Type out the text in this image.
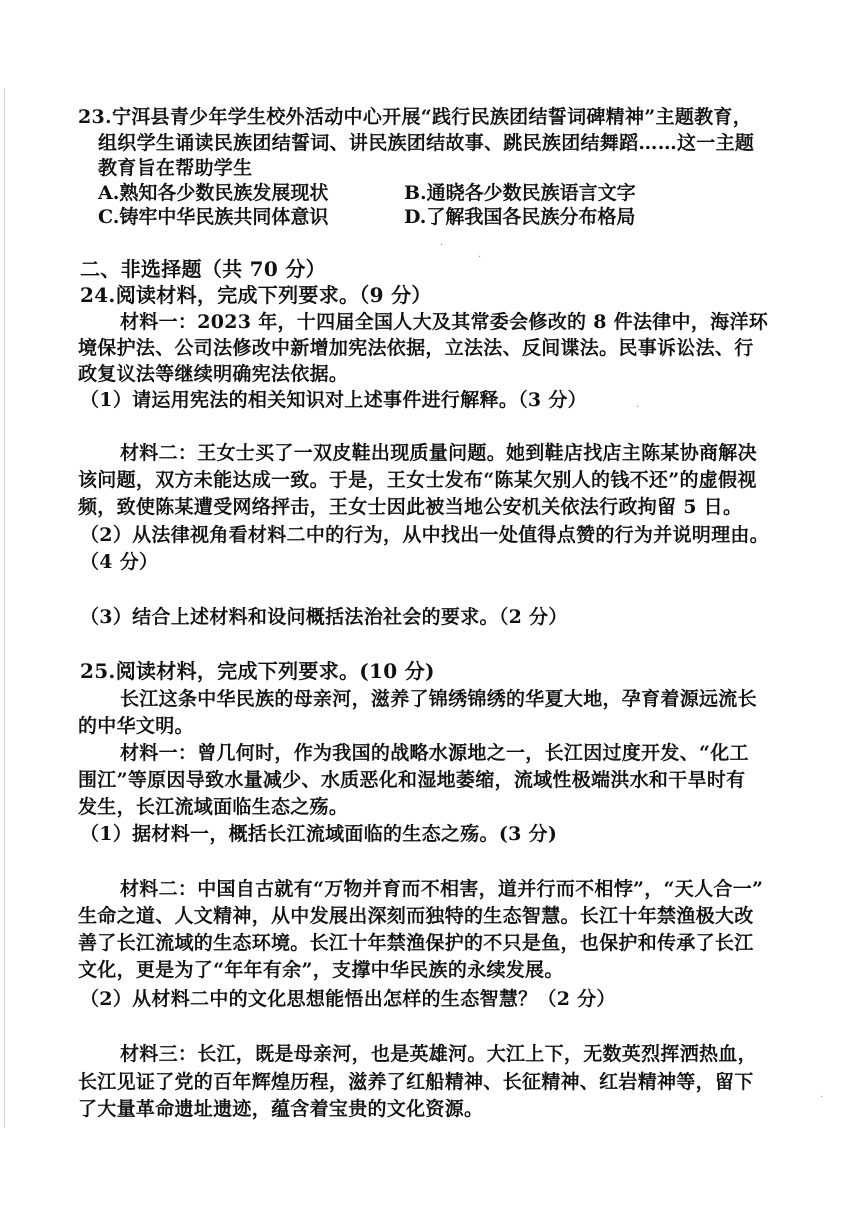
23.宁洱县青少年学生校外活动中心开展“践行民族团结誓词碑精神”主题教育，
组织学生诵读民族团结誓词、讲民族团结故事、跳民族团结舞蹈……这一主题
教育旨在帮助学生
A.熟知各少数民族发展现状	B.通晓各少数民族语言文字
C.铸牢中华民族共同体意识	D.了解我国各民族分布格局
二、非选择题（共 70 分）
24.阅读材料，完成下列要求。（9 分）
材料一：2023 年，十四届全国人大及其常委会修改的 8 件法律中，海洋环
境保护法、公司法修改中新增加宪法依据，立法法、反间谍法。民事诉讼法、行
政复议法等继续明确宪法依据。
（1）请运用宪法的相关知识对上述事件进行解释。（3 分）
材料二：王女士买了一双皮鞋出现质量问题。她到鞋店找店主陈某协商解决
该问题，双方未能达成一致。于是，王女士发布“陈某欠别人的钱不还”的虚假视
频，致使陈某遭受网络抨击，王女士因此被当地公安机关依法行政拘留 5 日。
（2）从法律视角看材料二中的行为，从中找出一处值得点赞的行为并说明理由。
（4 分）
（3）结合上述材料和设问概括法治社会的要求。（2 分）
25.阅读材料，完成下列要求。(10 分)
长江这条中华民族的母亲河，滋养了锦绣锦绣的华夏大地，孕育着源远流长
的中华文明。
材料一：曾几何时，作为我国的战略水源地之一，长江因过度开发、“化工
围江”等原因导致水量减少、水质恶化和湿地萎缩，流域性极端洪水和干旱时有
发生，长江流域面临生态之殇。
（1）据材料一，概括长江流域面临的生态之殇。(3 分)
材料二：中国自古就有“万物并育而不相害，道并行而不相悖”，“天人合一”
生命之道、人文精神，从中发展出深刻而独特的生态智慧。长江十年禁渔极大改
善了长江流域的生态环境。长江十年禁渔保护的不只是鱼，也保护和传承了长江
文化，更是为了“年年有余”，支撑中华民族的永续发展。
（2）从材料二中的文化思想能悟出怎样的生态智慧？（2 分）
材料三：长江，既是母亲河，也是英雄河。大江上下，无数英烈挥洒热血，
长江见证了党的百年辉煌历程，滋养了红船精神、长征精神、红岩精神等，留下
了大量革命遗址遗迹，蕴含着宝贵的文化资源。
·
·
·
·
